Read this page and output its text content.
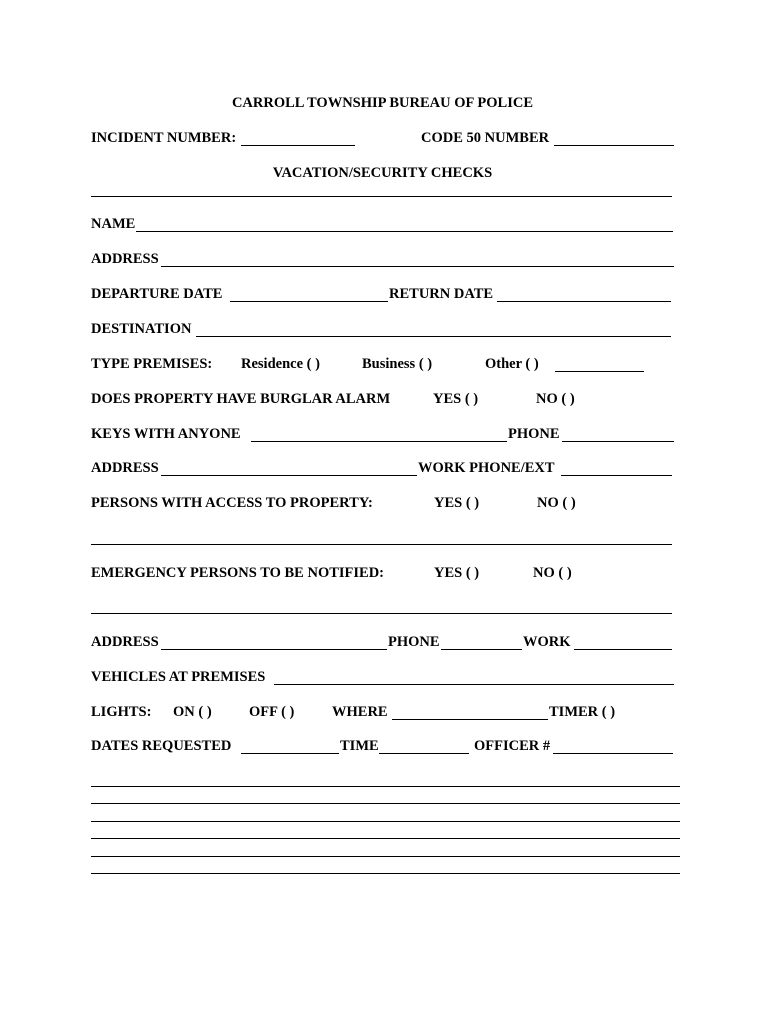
CARROLL TOWNSHIP BUREAU OF POLICE
INCIDENT NUMBER:	CODE 50 NUMBER
VACATION/SECURITY CHECKS
NAME
ADDRESS
DEPARTURE DATE	RETURN DATE
DESTINATION
TYPE PREMISES: Residence ( )	Business ( )	Other ( )
DOES PROPERTY HAVE BURGLAR ALARM	YES ( )	NO ( )
KEYS WITH ANYONE	PHONE
ADDRESS	WORK PHONE/EXT
PERSONS WITH ACCESS TO PROPERTY:	YES ( )	NO ( )
EMERGENCY PERSONS TO BE NOTIFIED:	YES ( )	NO ( )
ADDRESS	PHONE	WORK
VEHICLES AT PREMISES
LIGHTS: ON ( )	OFF ( )	WHERE	TIMER ( )
DATES REQUESTED	TIME	OFFICER #
